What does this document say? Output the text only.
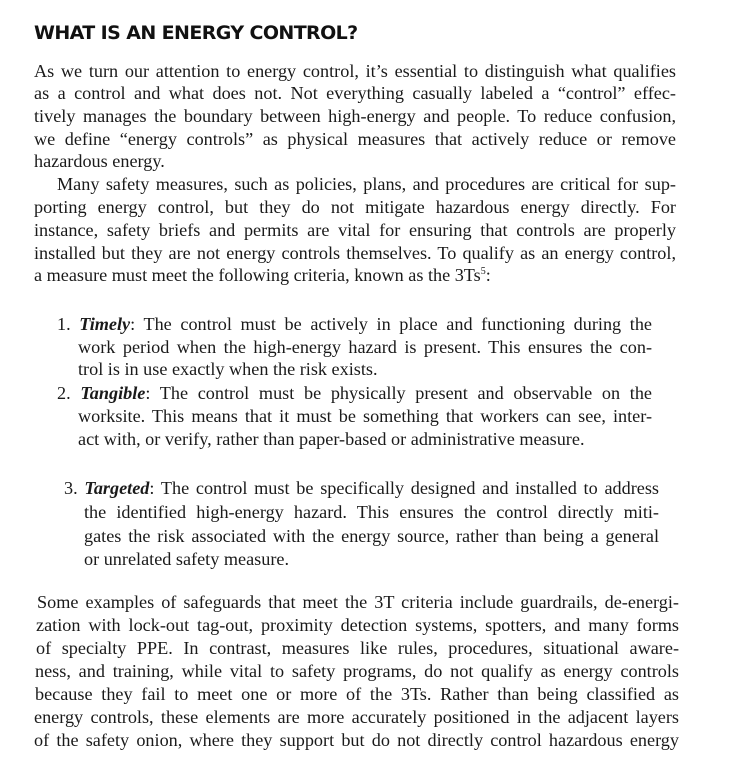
WHAT IS AN ENERGY CONTROL?
As we turn our attention to energy control, it’s essential to distinguish what qualifies
as a control and what does not. Not everything casually labeled a “control” effec-
tively manages the boundary between high-energy and people. To reduce confusion,
we define “energy controls” as physical measures that actively reduce or remove
hazardous energy.
Many safety measures, such as policies, plans, and procedures are critical for sup-
porting energy control, but they do not mitigate hazardous energy directly. For
instance, safety briefs and permits are vital for ensuring that controls are properly
installed but they are not energy controls themselves. To qualify as an energy control,
a measure must meet the following criteria, known as the 3Ts$^5$:
1. Timely: The control must be actively in place and functioning during the
work period when the high-energy hazard is present. This ensures the con-
trol is in use exactly when the risk exists.
2. Tangible: The control must be physically present and observable on the
worksite. This means that it must be something that workers can see, inter-
act with, or verify, rather than paper-based or administrative measure.
3. Targeted: The control must be specifically designed and installed to address
the identified high-energy hazard. This ensures the control directly miti-
gates the risk associated with the energy source, rather than being a general
or unrelated safety measure.
Some examples of safeguards that meet the 3T criteria include guardrails, de-energi-
zation with lock-out tag-out, proximity detection systems, spotters, and many forms
of specialty PPE. In contrast, measures like rules, procedures, situational aware-
ness, and training, while vital to safety programs, do not qualify as energy controls
because they fail to meet one or more of the 3Ts. Rather than being classified as
energy controls, these elements are more accurately positioned in the adjacent layers
of the safety onion, where they support but do not directly control hazardous energy
